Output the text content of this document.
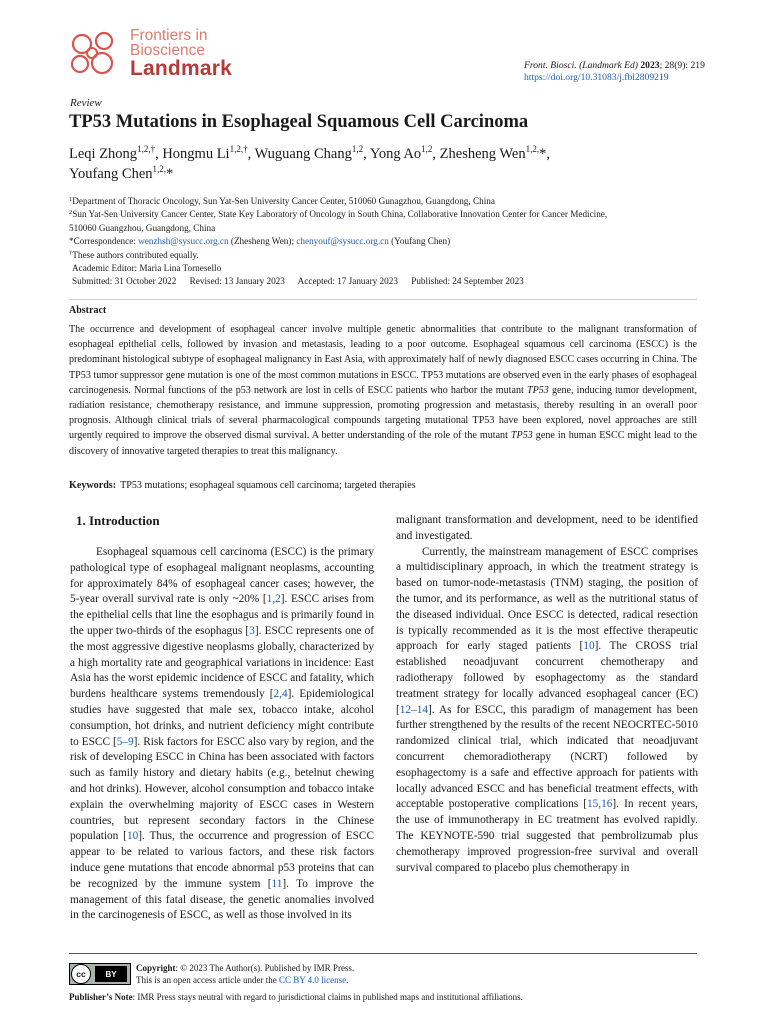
Frontiers in
Bioscience
Landmark	Front. Biosci. (Landmark Ed) 2023; 28(9): 219
https://doi.org/10.31083/j.fbl2809219
Review
TP53 Mutations in Esophageal Squamous Cell Carcinoma
Leqi Zhong$^{1,2,\dagger}$, Hongmu $Li^{1,2,\dagger}$, Wuguang Chang$^{1,2}$, Yong Ao$^{1,2}$, Zhesheng Wen$^{1,2,}$*,
Youfang Chen$^{1,2,}$*
$^1$Department of Thoracic Oncology, Sun Yat-Sen University Cancer Center, 510060 Gunagzhou, Guangdong, China
$^2$Sun Yat-Sen University Cancer Center, State Key Laboratory of Oncology in South China, Collaborative Innovation Center for Cancer Medicine,
510060 Guangzhou, Guangdong, China
*Correspondence: wenzhsh@sysucc.org.cn (Zhesheng Wen); chenyouf@sysucc.org.cn (Youfang Chen)
†These authors contributed equally.
Academic Editor: Maria Lina Tornesello
Submitted: 31 October 2022 Revised: 13 January 2023 Accepted: 17 January 2023 Published: 24 September 2023
Abstract

The occurrence and development of esophageal cancer involve multiple genetic abnormalities that contribute to the malignant transformation of esophageal epithelial cells, followed by invasion and metastasis, leading to a poor outcome. Esophageal squamous cell carcinoma (ESCC) is the predominant histological subtype of esophageal malignancy in East Asia, with approximately half of newly diagnosed ESCC cases occurring in China. The TP53 tumor suppressor gene mutation is one of the most common mutations in ESCC. TP53 mutations are observed even in the early phases of esophageal carcinogenesis. Normal functions of the p53 network are lost in cells of ESCC patients who harbor the mutant TP53 gene, inducing tumor development, radiation resistance, chemotherapy resistance, and immune suppression, promoting progression and metastasis, thereby resulting in an overall poor prognosis. Although clinical trials of several pharmacological compounds targeting mutational TP53 have been explored, novel approaches are still urgently required to improve the observed dismal survival. A better understanding of the role of the mutant TP53 gene in human ESCC might lead to the discovery of innovative targeted therapies to treat this malignancy.

Keywords: TP53 mutations; esophageal squamous cell carcinoma; targeted therapies
1. Introduction

Esophageal squamous cell carcinoma (ESCC) is the primary pathological type of esophageal malignant neoplasms, accounting for approximately 84% of esophageal cancer cases; however, the 5-year overall survival rate is only ~20% [1,2]. ESCC arises from the epithelial cells that line the esophagus and is primarily found in the upper two-thirds of the esophagus [3]. ESCC represents one of the most aggressive digestive neoplasms globally, characterized by a high mortality rate and geographical variations in incidence: East Asia has the worst epidemic incidence of ESCC and fatality, which burdens healthcare systems tremendously [2,4]. Epidemiological studies have suggested that male sex, tobacco intake, alcohol consumption, hot drinks, and nutrient deficiency might contribute to ESCC [5–9]. Risk factors for ESCC also vary by region, and the risk of developing ESCC in China has been associated with factors such as family history and dietary habits (e.g., betelnut chewing and hot drinks). However, alcohol consumption and tobacco intake explain the overwhelming majority of ESCC cases in Western countries, but represent secondary factors in the Chinese population [10]. Thus, the occurrence and progression of ESCC appear to be related to various factors, and these risk factors induce gene mutations that encode abnormal p53 proteins that can be recognized by the immune system [11]. To improve the management of this fatal disease, the genetic anomalies involved in the carcinogenesis of ESCC, as well as those involved in its

malignant transformation and development, need to be identified and investigated.

Currently, the mainstream management of ESCC comprises a multidisciplinary approach, in which the treatment strategy is based on tumor-node-metastasis (TNM) staging, the position of the tumor, and its performance, as well as the nutritional status of the diseased individual. Once ESCC is detected, radical resection is typically recommended as it is the most effective therapeutic approach for early staged patients [10]. The CROSS trial established neoadjuvant concurrent chemotherapy and radiotherapy followed by esophagectomy as the standard treatment strategy for locally advanced esophageal cancer (EC) [12–14]. As for ESCC, this paradigm of management has been further strengthened by the results of the recent NEOCRTEC-5010 randomized clinical trial, which indicated that neoadjuvant concurrent chemoradiotherapy (NCRT) followed by esophagectomy is a safe and effective approach for patients with locally advanced ESCC and has beneficial treatment effects, with acceptable postoperative complications [15,16]. In recent years, the use of immunotherapy in EC treatment has evolved rapidly. The KEYNOTE-590 trial suggested that pembrolizumab plus chemotherapy improved progression-free survival and overall survival compared to placebo plus chemotherapy in

cc	BY
Copyright: © 2023 The Author(s). Published by IMR Press.
This is an open access article under the CC BY 4.0 license.
Publisher’s Note: IMR Press stays neutral with regard to jurisdictional claims in published maps and institutional affiliations.
